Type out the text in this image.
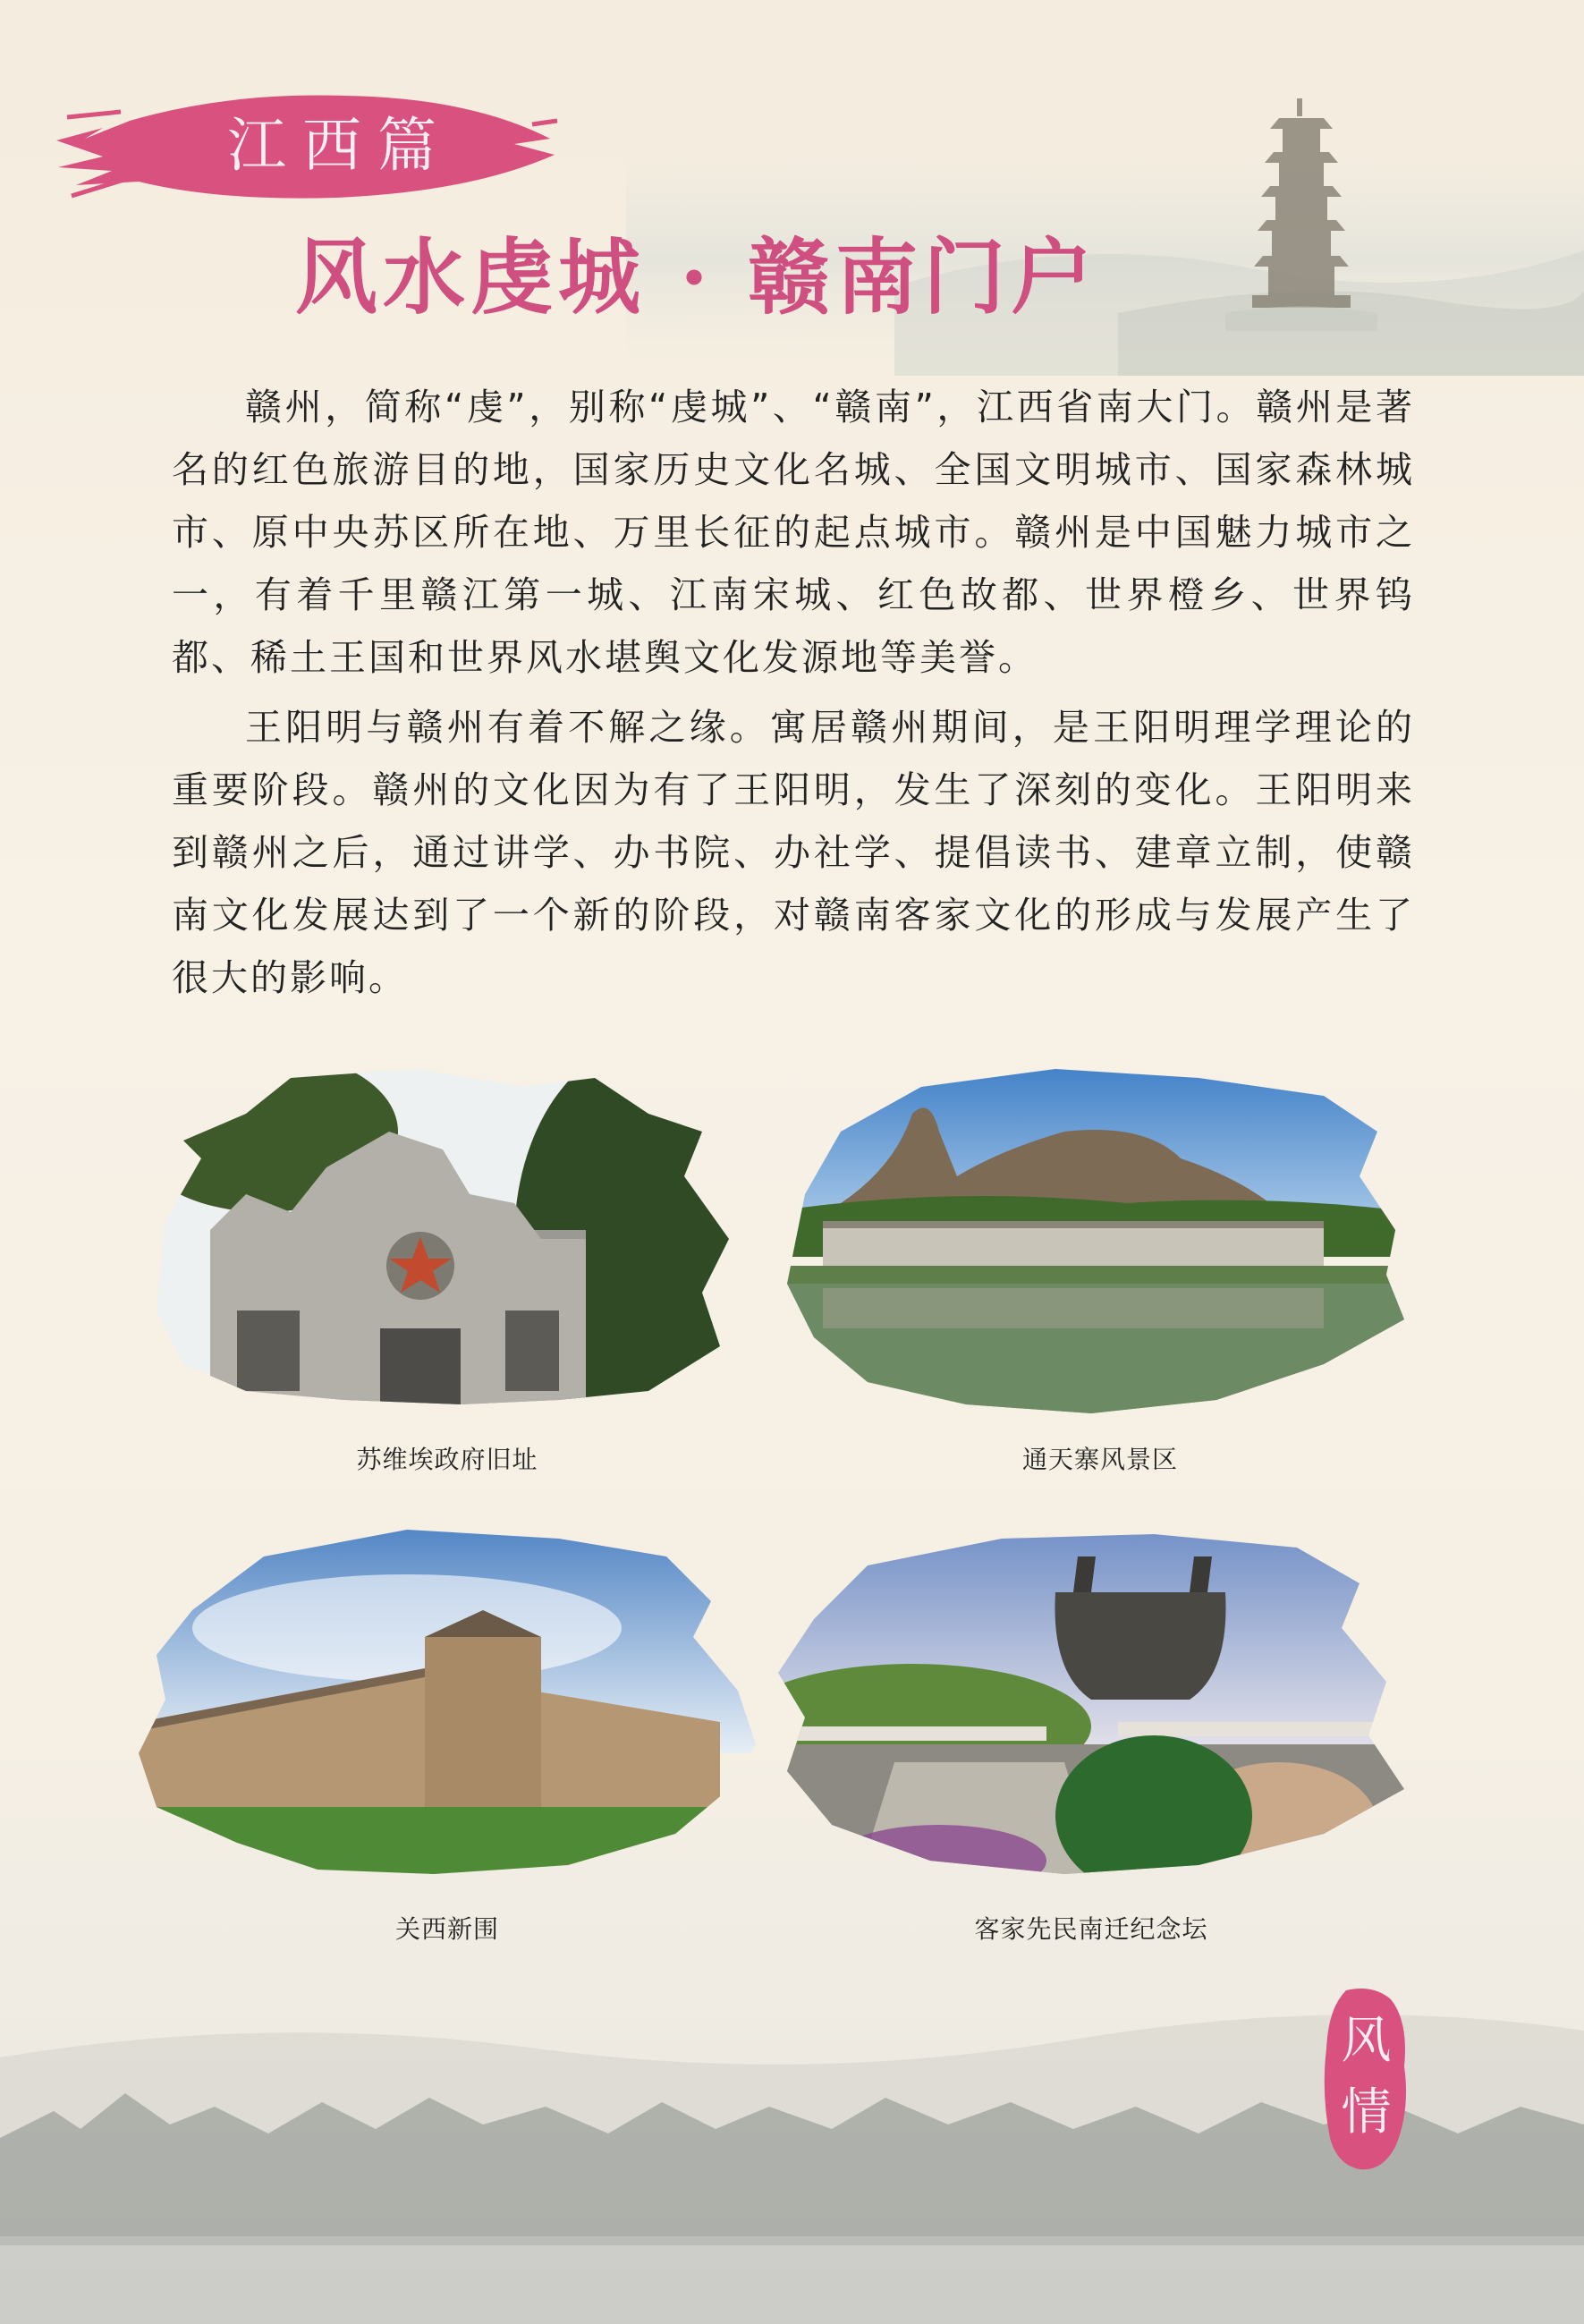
江西篇
风水虔城 · 赣南门户

赣州，简称“虔”，别称“虔城”、“赣南”，江西省南大门。赣州是著名的红色旅游目的地，国家历史文化名城、全国文明城市、国家森林城市、原中央苏区所在地、万里长征的起点城市。赣州是中国魅力城市之一，有着千里赣江第一城、江南宋城、红色故都、世界橙乡、世界钨都、稀土王国和世界风水堪舆文化发源地等美誉。

王阳明与赣州有着不解之缘。寓居赣州期间，是王阳明理学理论的重要阶段。赣州的文化因为有了王阳明，发生了深刻的变化。王阳明来到赣州之后，通过讲学、办书院、办社学、提倡读书、建章立制，使赣南文化发展达到了一个新的阶段，对赣南客家文化的形成与发展产生了很大的影响。

苏维埃政府旧址	通天寨风景区
关西新围	客家先民南迁纪念坛
风
情
